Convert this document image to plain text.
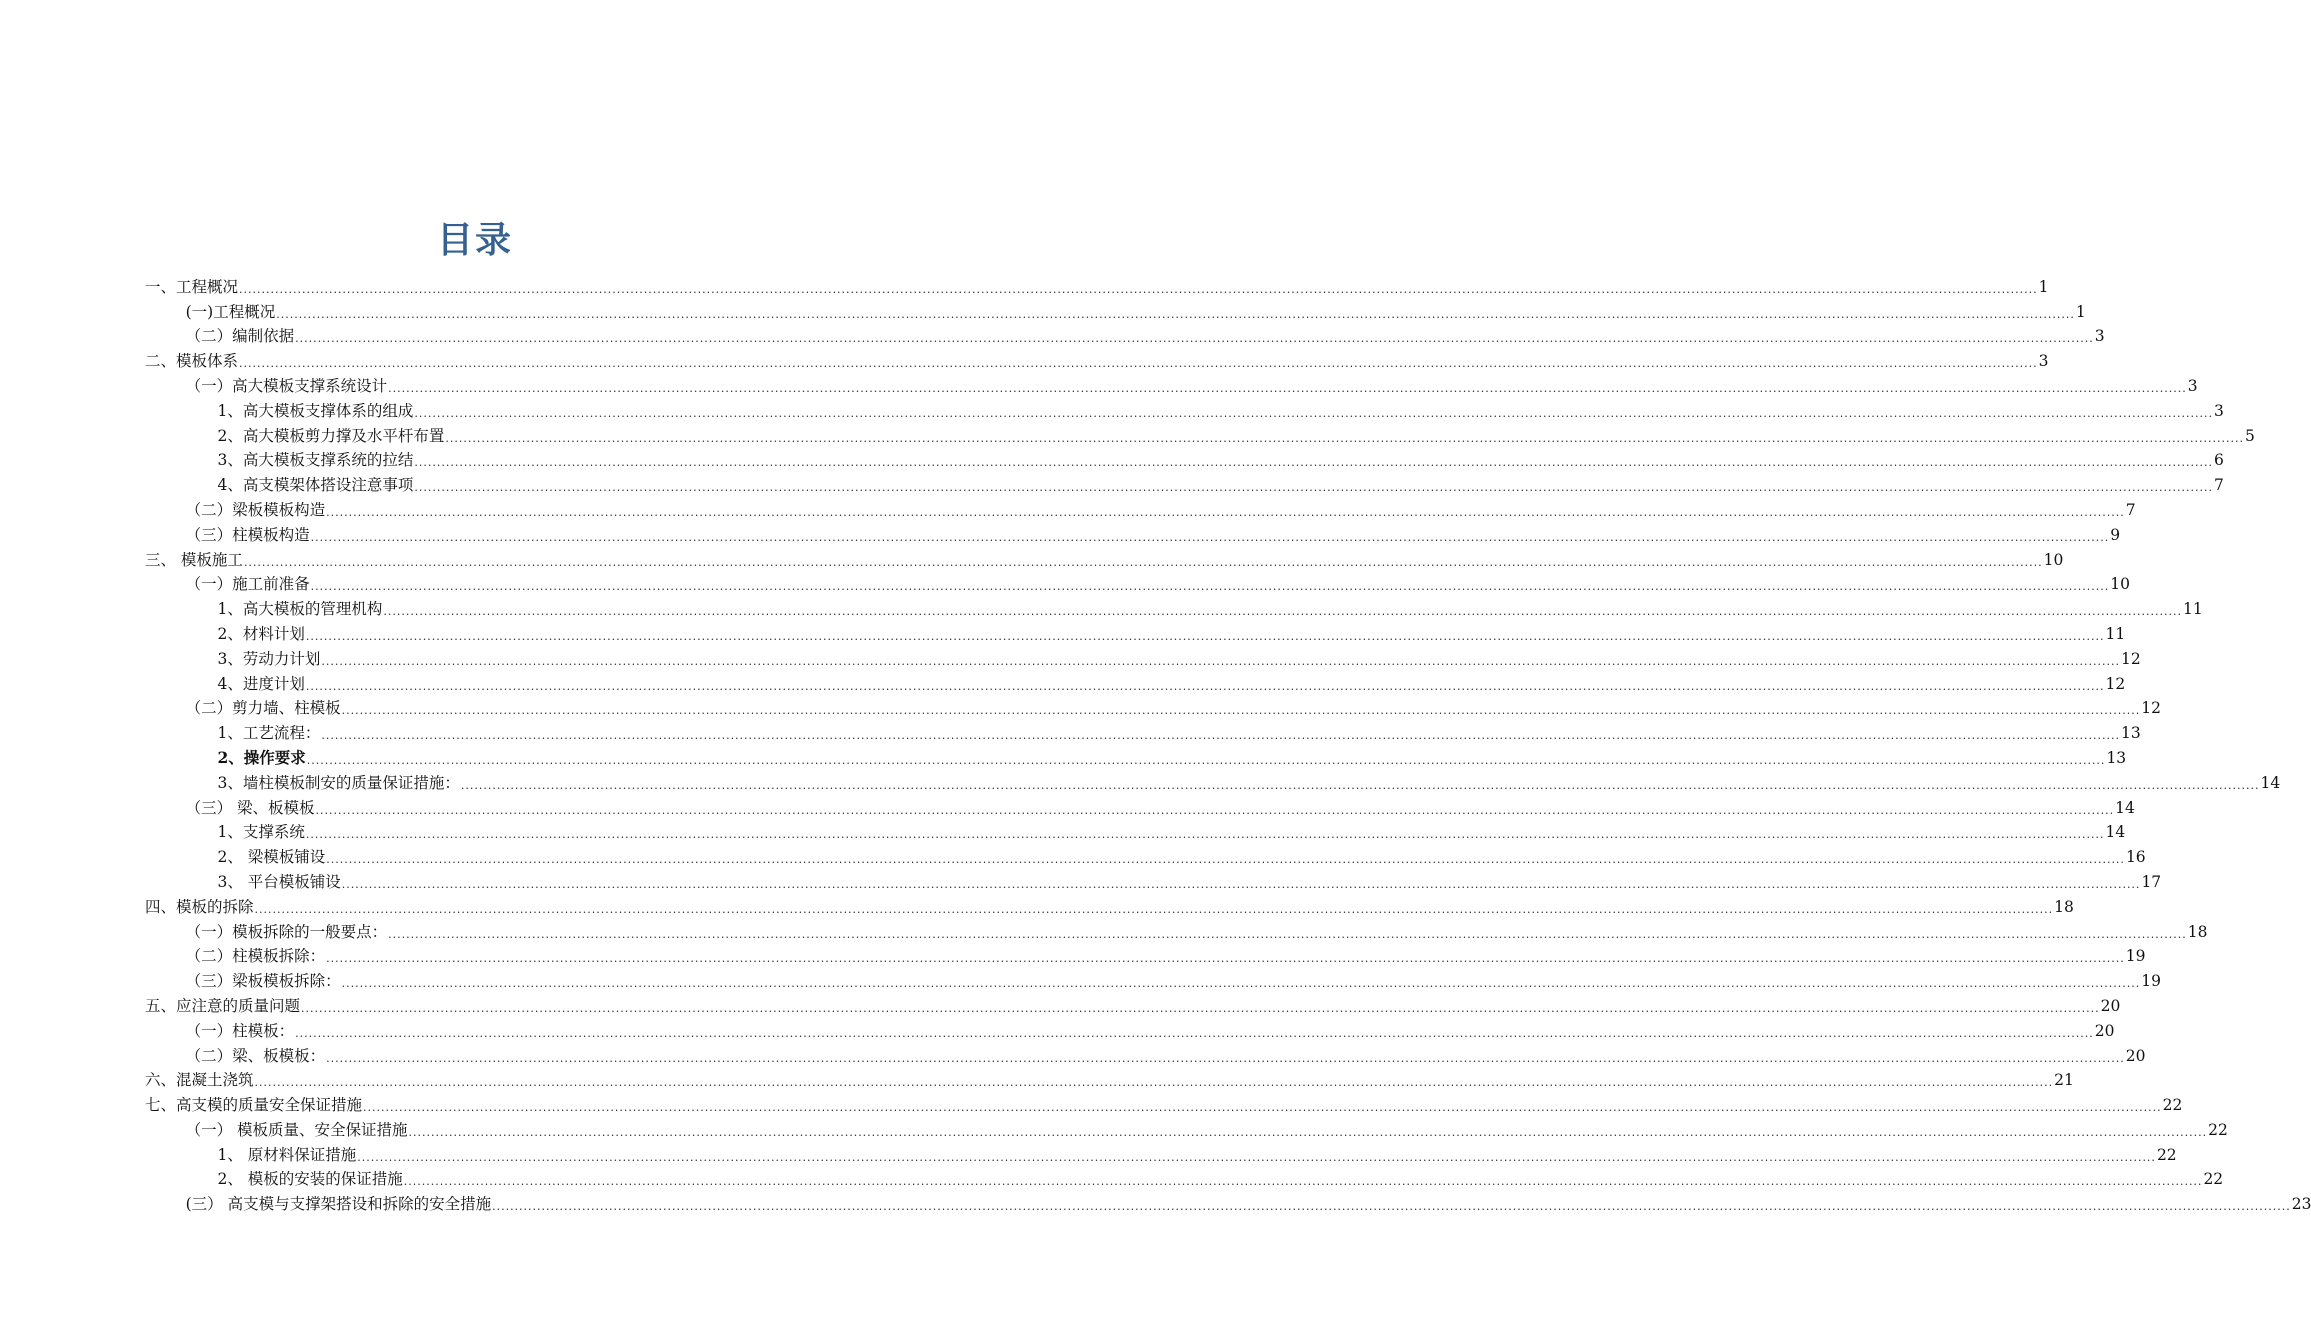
目录
一、工程概况 ................................................................................................................................................................................................................................................................................................................................................................................................................ 1
(一)工程概况 ................................................................................................................................................................................................................................................................................................................................................................................................................ 1
（二）编制依据 ................................................................................................................................................................................................................................................................................................................................................................................................................ 3
二、模板体系 ................................................................................................................................................................................................................................................................................................................................................................................................................ 3
（一）高大模板支撑系统设计 ................................................................................................................................................................................................................................................................................................................................................................................................................ 3
1、高大模板支撑体系的组成 ................................................................................................................................................................................................................................................................................................................................................................................................................ 3
2、高大模板剪力撑及水平杆布置 ................................................................................................................................................................................................................................................................................................................................................................................................................ 5
3、高大模板支撑系统的拉结 ................................................................................................................................................................................................................................................................................................................................................................................................................ 6
4、高支模架体搭设注意事项 ................................................................................................................................................................................................................................................................................................................................................................................................................ 7
（二）梁板模板构造 ................................................................................................................................................................................................................................................................................................................................................................................................................ 7
（三）柱模板构造 ................................................................................................................................................................................................................................................................................................................................................................................................................ 9
三、 模板施工 ................................................................................................................................................................................................................................................................................................................................................................................................................ 10
（一）施工前准备 ................................................................................................................................................................................................................................................................................................................................................................................................................ 10
1、高大模板的管理机构 ................................................................................................................................................................................................................................................................................................................................................................................................................ 11
2、材料计划 ................................................................................................................................................................................................................................................................................................................................................................................................................ 11
3、劳动力计划 ................................................................................................................................................................................................................................................................................................................................................................................................................ 12
4、进度计划 ................................................................................................................................................................................................................................................................................................................................................................................................................ 12
（二）剪力墙、柱模板 ................................................................................................................................................................................................................................................................................................................................................................................................................ 12
1、工艺流程： ................................................................................................................................................................................................................................................................................................................................................................................................................ 13
2、操作要求 ................................................................................................................................................................................................................................................................................................................................................................................................................ 13
3、墙柱模板制安的质量保证措施： ................................................................................................................................................................................................................................................................................................................................................................................................................ 14
（三） 梁、板模板 ................................................................................................................................................................................................................................................................................................................................................................................................................ 14
1、支撑系统 ................................................................................................................................................................................................................................................................................................................................................................................................................ 14
2、 梁模板铺设 ................................................................................................................................................................................................................................................................................................................................................................................................................ 16
3、 平台模板铺设 ................................................................................................................................................................................................................................................................................................................................................................................................................ 17
四、模板的拆除 ................................................................................................................................................................................................................................................................................................................................................................................................................ 18
（一）模板拆除的一般要点： ................................................................................................................................................................................................................................................................................................................................................................................................................ 18
（二）柱模板拆除： ................................................................................................................................................................................................................................................................................................................................................................................................................ 19
（三）梁板模板拆除： ................................................................................................................................................................................................................................................................................................................................................................................................................ 19
五、应注意的质量问题 ................................................................................................................................................................................................................................................................................................................................................................................................................ 20
（一）柱模板： ................................................................................................................................................................................................................................................................................................................................................................................................................ 20
（二）梁、板模板： ................................................................................................................................................................................................................................................................................................................................................................................................................ 20
六、混凝土浇筑 ................................................................................................................................................................................................................................................................................................................................................................................................................ 21
七、高支模的质量安全保证措施 ................................................................................................................................................................................................................................................................................................................................................................................................................ 22
（一） 模板质量、安全保证措施 ................................................................................................................................................................................................................................................................................................................................................................................................................ 22
1、 原材料保证措施 ................................................................................................................................................................................................................................................................................................................................................................................................................ 22
2、 模板的安装的保证措施 ................................................................................................................................................................................................................................................................................................................................................................................................................ 22
(三） 高支模与支撑架搭设和拆除的安全措施 ................................................................................................................................................................................................................................................................................................................................................................................................................ 23
